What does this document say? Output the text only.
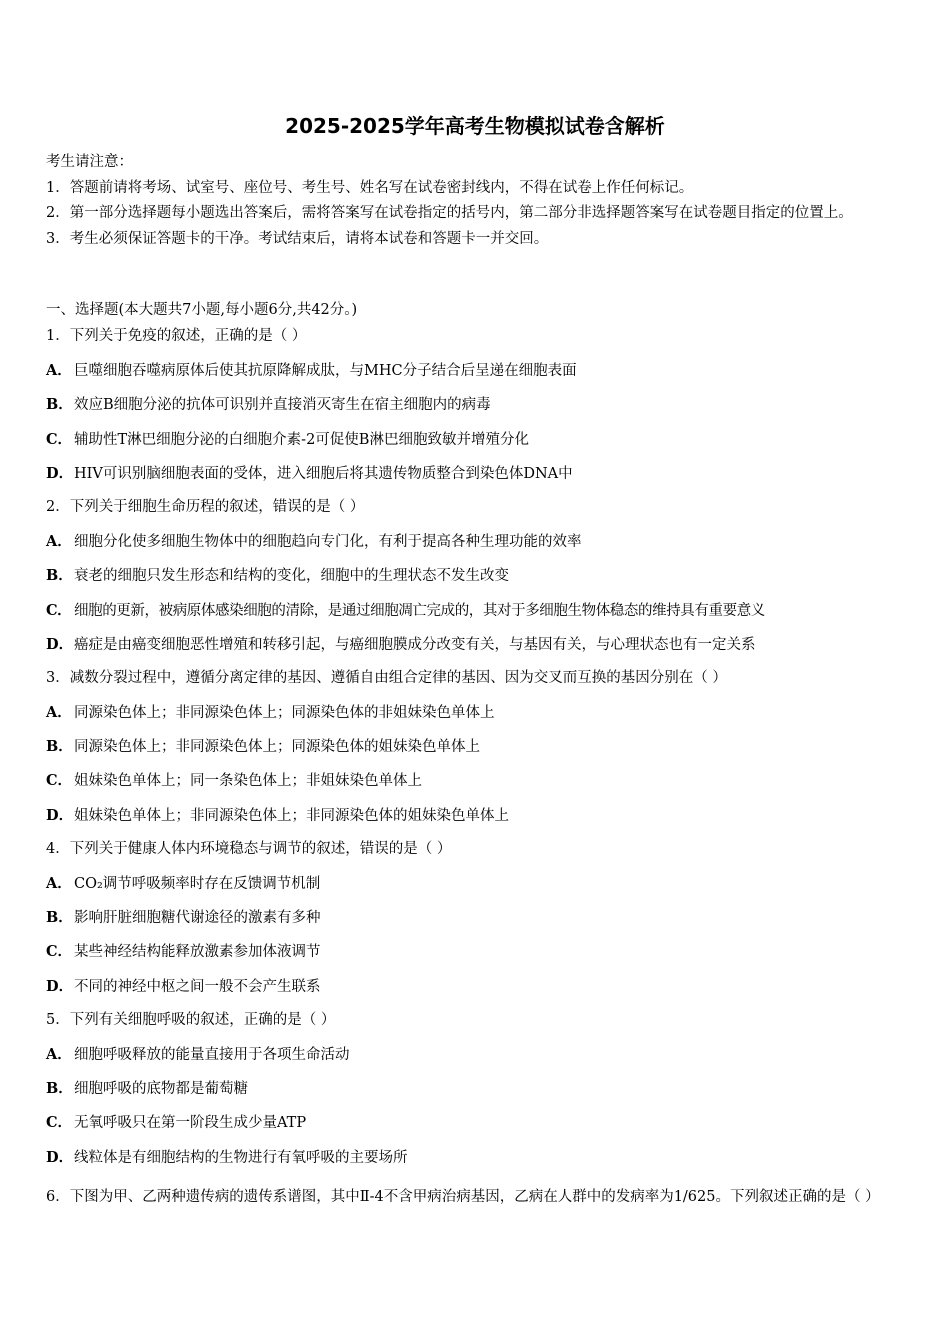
2025-2025学年高考生物模拟试卷含解析

考生请注意：

1．答题前请将考场、试室号、座位号、考生号、姓名写在试卷密封线内，不得在试卷上作任何标记。

2．第一部分选择题每小题选出答案后，需将答案写在试卷指定的括号内，第二部分非选择题答案写在试卷题目指定的位置上。

3．考生必须保证答题卡的干净。考试结束后，请将本试卷和答题卡一并交回。

一、选择题(本大题共7小题,每小题6分,共42分。)
1．下列关于免疫的叙述，正确的是（ ）
A． 巨噬细胞吞噬病原体后使其抗原降解成肽，与MHC分子结合后呈递在细胞表面
B．效应B细胞分泌的抗体可识别并直接消灭寄生在宿主细胞内的病毒
C． 辅助性T淋巴细胞分泌的白细胞介素-2可促使B淋巴细胞致敏并增殖分化
D．HIV可识别脑细胞表面的受体，进入细胞后将其遗传物质整合到染色体DNA中
2．下列关于细胞生命历程的叙述，错误的是（ ）
A． 细胞分化使多细胞生物体中的细胞趋向专门化，有利于提高各种生理功能的效率
B．衰老的细胞只发生形态和结构的变化，细胞中的生理状态不发生改变
C． 细胞的更新，被病原体感染细胞的清除，是通过细胞凋亡完成的，其对于多细胞生物体稳态的维持具有重要意义
D．癌症是由癌变细胞恶性增殖和转移引起，与癌细胞膜成分改变有关，与基因有关，与心理状态也有一定关系
3．减数分裂过程中，遵循分离定律的基因、遵循自由组合定律的基因、因为交叉而互换的基因分别在（ ）
A． 同源染色体上；非同源染色体上；同源染色体的非姐妹染色单体上
B．同源染色体上；非同源染色体上；同源染色体的姐妹染色单体上
C． 姐妹染色单体上；同一条染色体上；非姐妹染色单体上
D．姐妹染色单体上；非同源染色体上；非同源染色体的姐妹染色单体上
4．下列关于健康人体内环境稳态与调节的叙述，错误的是（ ）
A． CO₂调节呼吸频率时存在反馈调节机制
B．影响肝脏细胞糖代谢途径的激素有多种
C． 某些神经结构能释放激素参加体液调节
D．不同的神经中枢之间一般不会产生联系
5．下列有关细胞呼吸的叙述，正确的是（ ）
A． 细胞呼吸释放的能量直接用于各项生命活动
B．细胞呼吸的底物都是葡萄糖
C． 无氧呼吸只在第一阶段生成少量ATP
D．线粒体是有细胞结构的生物进行有氧呼吸的主要场所
6．下图为甲、乙两种遗传病的遗传系谱图，其中Ⅱ-4不含甲病治病基因，乙病在人群中的发病率为1/625。下列叙述正确的是（ ）
